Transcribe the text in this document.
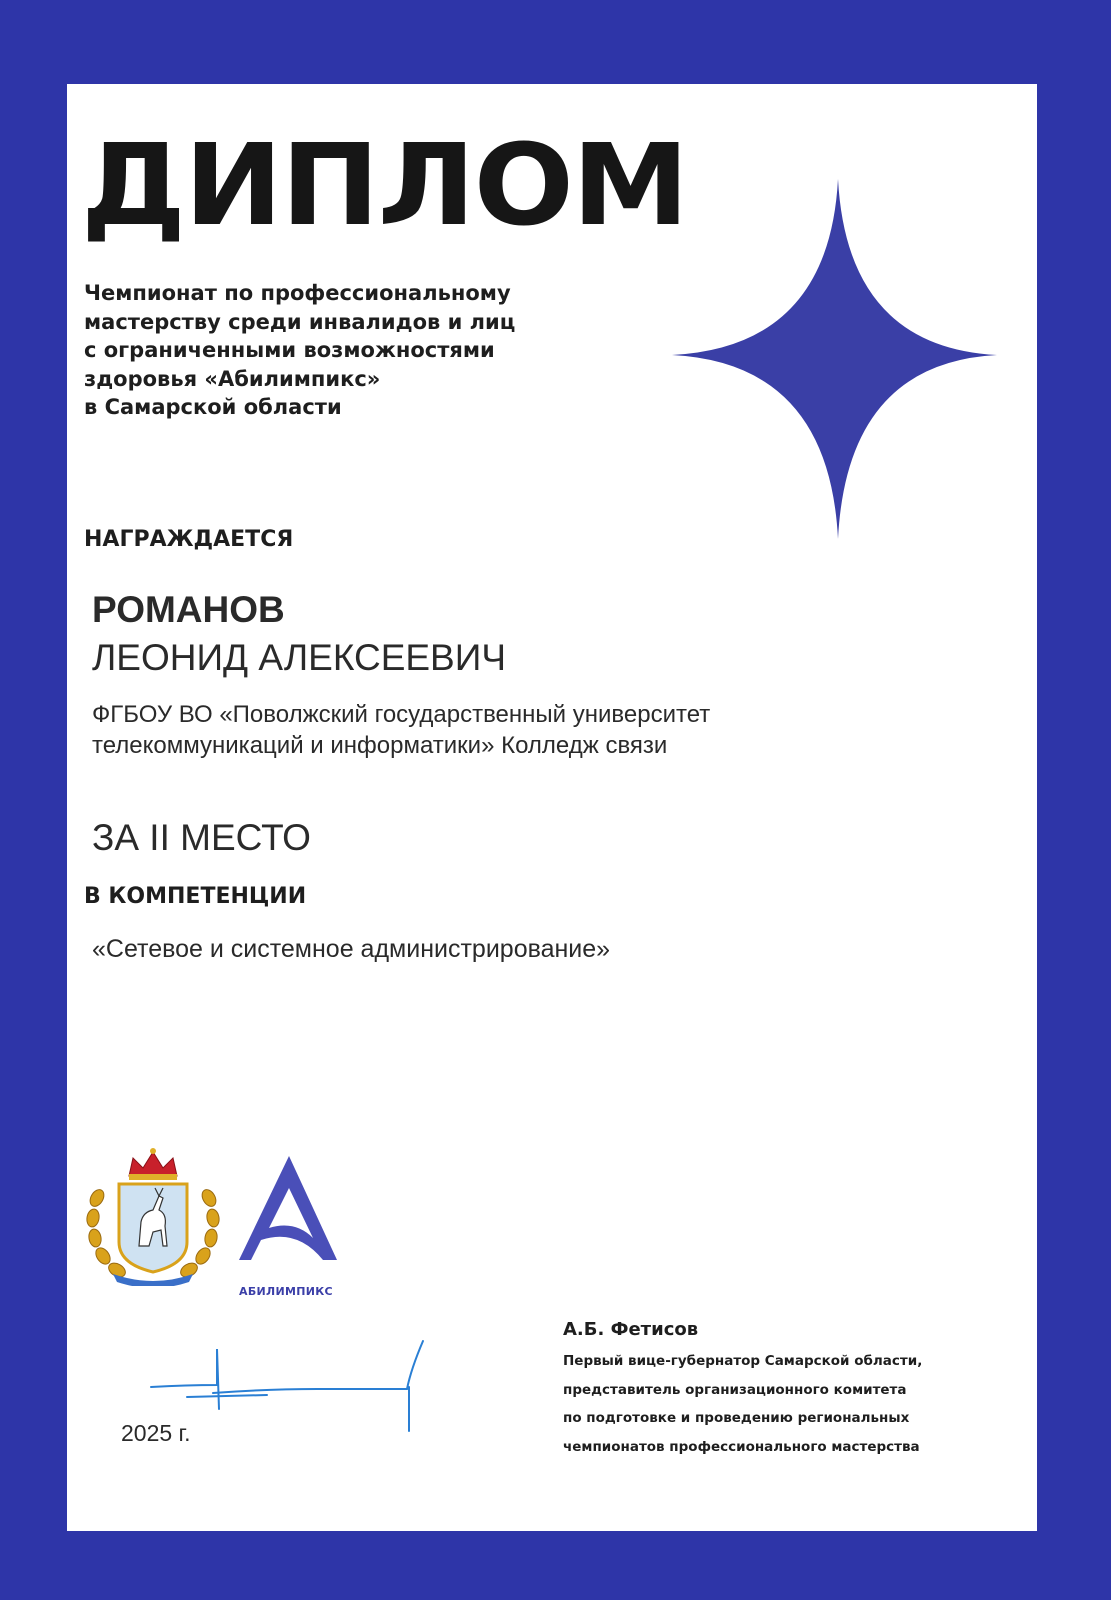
ДИПЛОМ
Чемпионат по профессиональному
мастерству среди инвалидов и лиц
с ограниченными возможностями
здоровья «Абилимпикс»
в Самарской области
НАГРАЖДАЕТСЯ
РОМАНОВ
ЛЕОНИД АЛЕКСЕЕВИЧ
ФГБОУ ВО «Поволжский государственный университет
телекоммуникаций и информатики» Колледж связи
ЗА II МЕСТО
В КОМПЕТЕНЦИИ
«Сетевое и системное администрирование»
АБИЛИМПИКС
А.Б. Фетисов
Первый вице-губернатор Самарской области,
представитель организационного комитета
по подготовке и проведению региональных
чемпионатов профессионального мастерства
2025 г.
